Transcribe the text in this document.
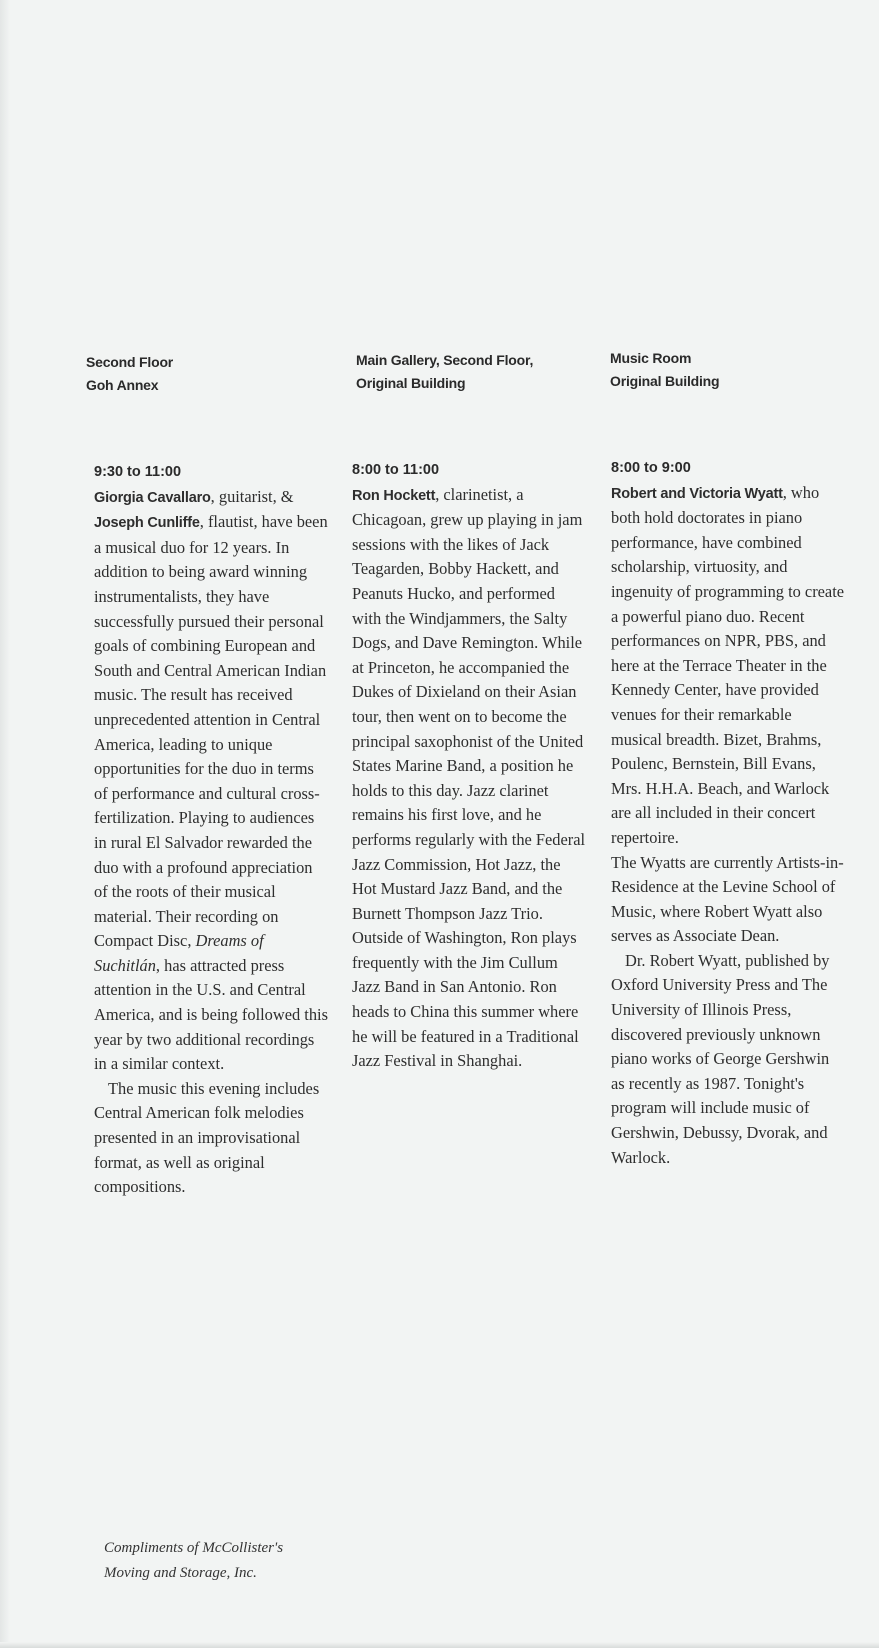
Second Floor
Goh Annex
Main Gallery, Second Floor,
Original Building
Music Room
Original Building
9:30 to 11:00

Giorgia Cavallaro, guitarist, & Joseph Cunliffe, flautist, have been a musical duo for 12 years. In addition to being award winning instrumentalists, they have successfully pursued their personal goals of combining European and South and Central American Indian music. The result has received unprecedented attention in Central America, leading to unique opportunities for the duo in terms of performance and cultural cross-fertilization. Playing to audiences in rural El Salvador rewarded the duo with a profound appreciation of the roots of their musical material. Their recording on Compact Disc, Dreams of Suchitlán, has attracted press attention in the U.S. and Central America, and is being followed this year by two additional recordings in a similar context.

The music this evening includes Central American folk melodies presented in an improvisational format, as well as original compositions.

8:00 to 11:00

Ron Hockett, clarinetist, a Chicagoan, grew up playing in jam sessions with the likes of Jack Teagarden, Bobby Hackett, and Peanuts Hucko, and performed with the Windjammers, the Salty Dogs, and Dave Remington. While at Princeton, he accompanied the Dukes of Dixieland on their Asian tour, then went on to become the principal saxophonist of the United States Marine Band, a position he holds to this day. Jazz clarinet remains his first love, and he performs regularly with the Federal Jazz Commission, Hot Jazz, the Hot Mustard Jazz Band, and the Burnett Thompson Jazz Trio. Outside of Washington, Ron plays frequently with the Jim Cullum Jazz Band in San Antonio. Ron heads to China this summer where he will be featured in a Traditional Jazz Festival in Shanghai.

8:00 to 9:00

Robert and Victoria Wyatt, who both hold doctorates in piano performance, have combined scholarship, virtuosity, and ingenuity of programming to create a powerful piano duo. Recent performances on NPR, PBS, and here at the Terrace Theater in the Kennedy Center, have provided venues for their remarkable musical breadth. Bizet, Brahms, Poulenc, Bernstein, Bill Evans, Mrs. H.H.A. Beach, and Warlock are all included in their concert repertoire.

The Wyatts are currently Artists-in-Residence at the Levine School of Music, where Robert Wyatt also serves as Associate Dean.

Dr. Robert Wyatt, published by Oxford University Press and The University of Illinois Press, discovered previously unknown piano works of George Gershwin as recently as 1987. Tonight's program will include music of Gershwin, Debussy, Dvorak, and Warlock.

Compliments of McCollister's
Moving and Storage, Inc.
